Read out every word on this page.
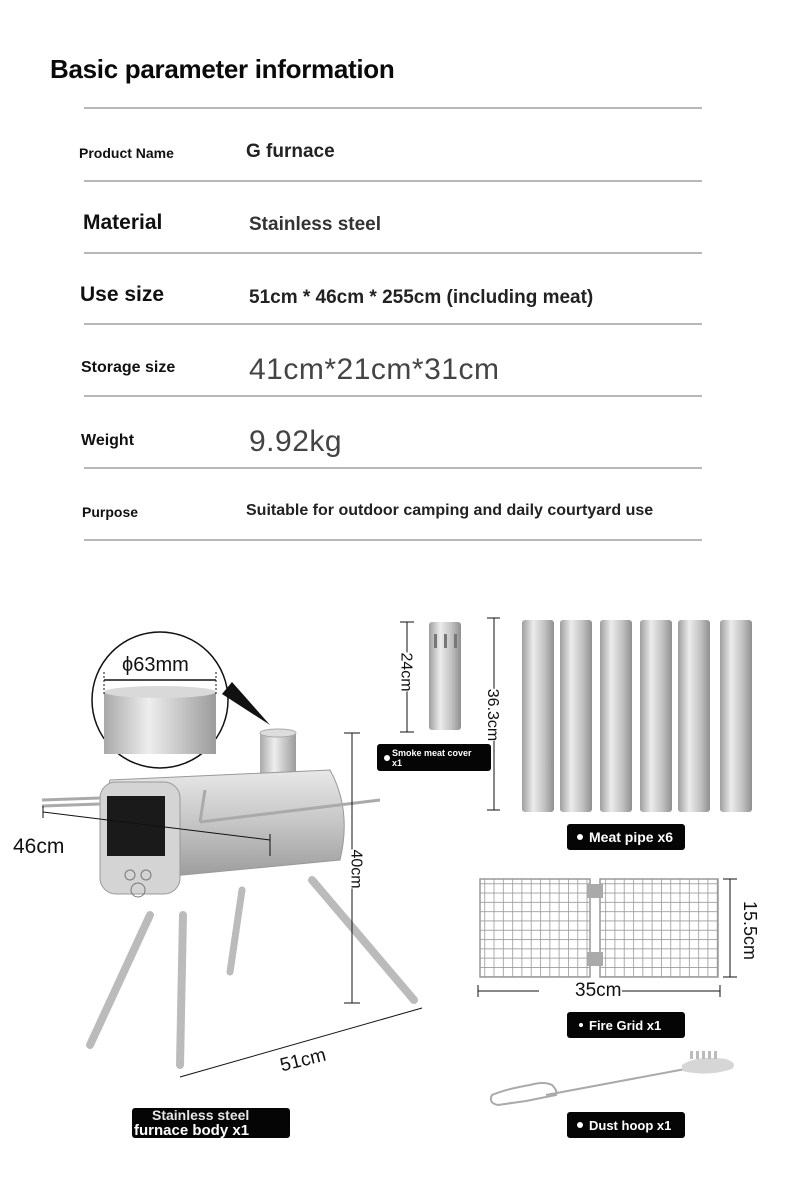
Basic parameter information
Product Name	G furnace
Material	Stainless steel
Use size	51cm * 46cm * 255cm (including meat)
Storage size 41cm*21cm*31cm
Weight	9.92kg
Purpose	Suitable for outdoor camping and daily courtyard use
ϕ63mm
46cm
40cm
51cm
Stainless steel
furnace body x1
24cm
36.3cm
Smoke meat cover
x1
Meat pipe x6
35cm
15.5cm
Fire Grid x1
Dust hoop x1
